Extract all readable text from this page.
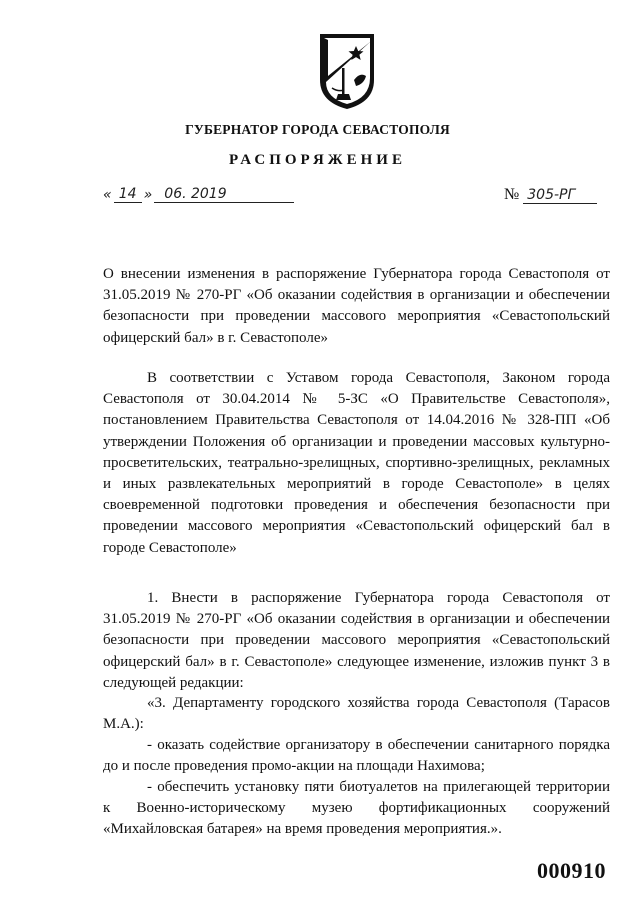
ГУБЕРНАТОР ГОРОДА СЕВАСТОПОЛЯ
РАСПОРЯЖЕНИЕ
« 14 » 06. 2019	№ 305-РГ

О внесении изменения в распоряжение Губернатора города Севастополя от 31.05.2019 № 270-РГ «Об оказании содействия в организации и обеспечении безопасности при проведении массового мероприятия «Севастопольский офицерский бал» в г. Севастополе»

В соответствии с Уставом города Севастополя, Законом города Севастополя от 30.04.2014 № 5-ЗС «О Правительстве Севастополя», постановлением Правительства Севастополя от 14.04.2016 № 328-ПП «Об утверждении Положения об организации и проведении массовых культурно-просветительских, театрально-зрелищных, спортивно-зрелищных, рекламных и иных развлекательных мероприятий в городе Севастополе» в целях своевременной подготовки проведения и обеспечения безопасности при проведении массового мероприятия «Севастопольский офицерский бал в городе Севастополе»

1. Внести в распоряжение Губернатора города Севастополя от 31.05.2019 № 270-РГ «Об оказании содействия в организации и обеспечении безопасности при проведении массового мероприятия «Севастопольский офицерский бал» в г. Севастополе» следующее изменение, изложив пункт 3 в следующей редакции:

«3. Департаменту городского хозяйства города Севастополя (Тарасов М.А.):

- оказать содействие организатору в обеспечении санитарного порядка до и после проведения промо-акции на площади Нахимова;

- обеспечить установку пяти биотуалетов на прилегающей территории к Военно-историческому музею фортификационных сооружений «Михайловская батарея» на время проведения мероприятия.».

000910
